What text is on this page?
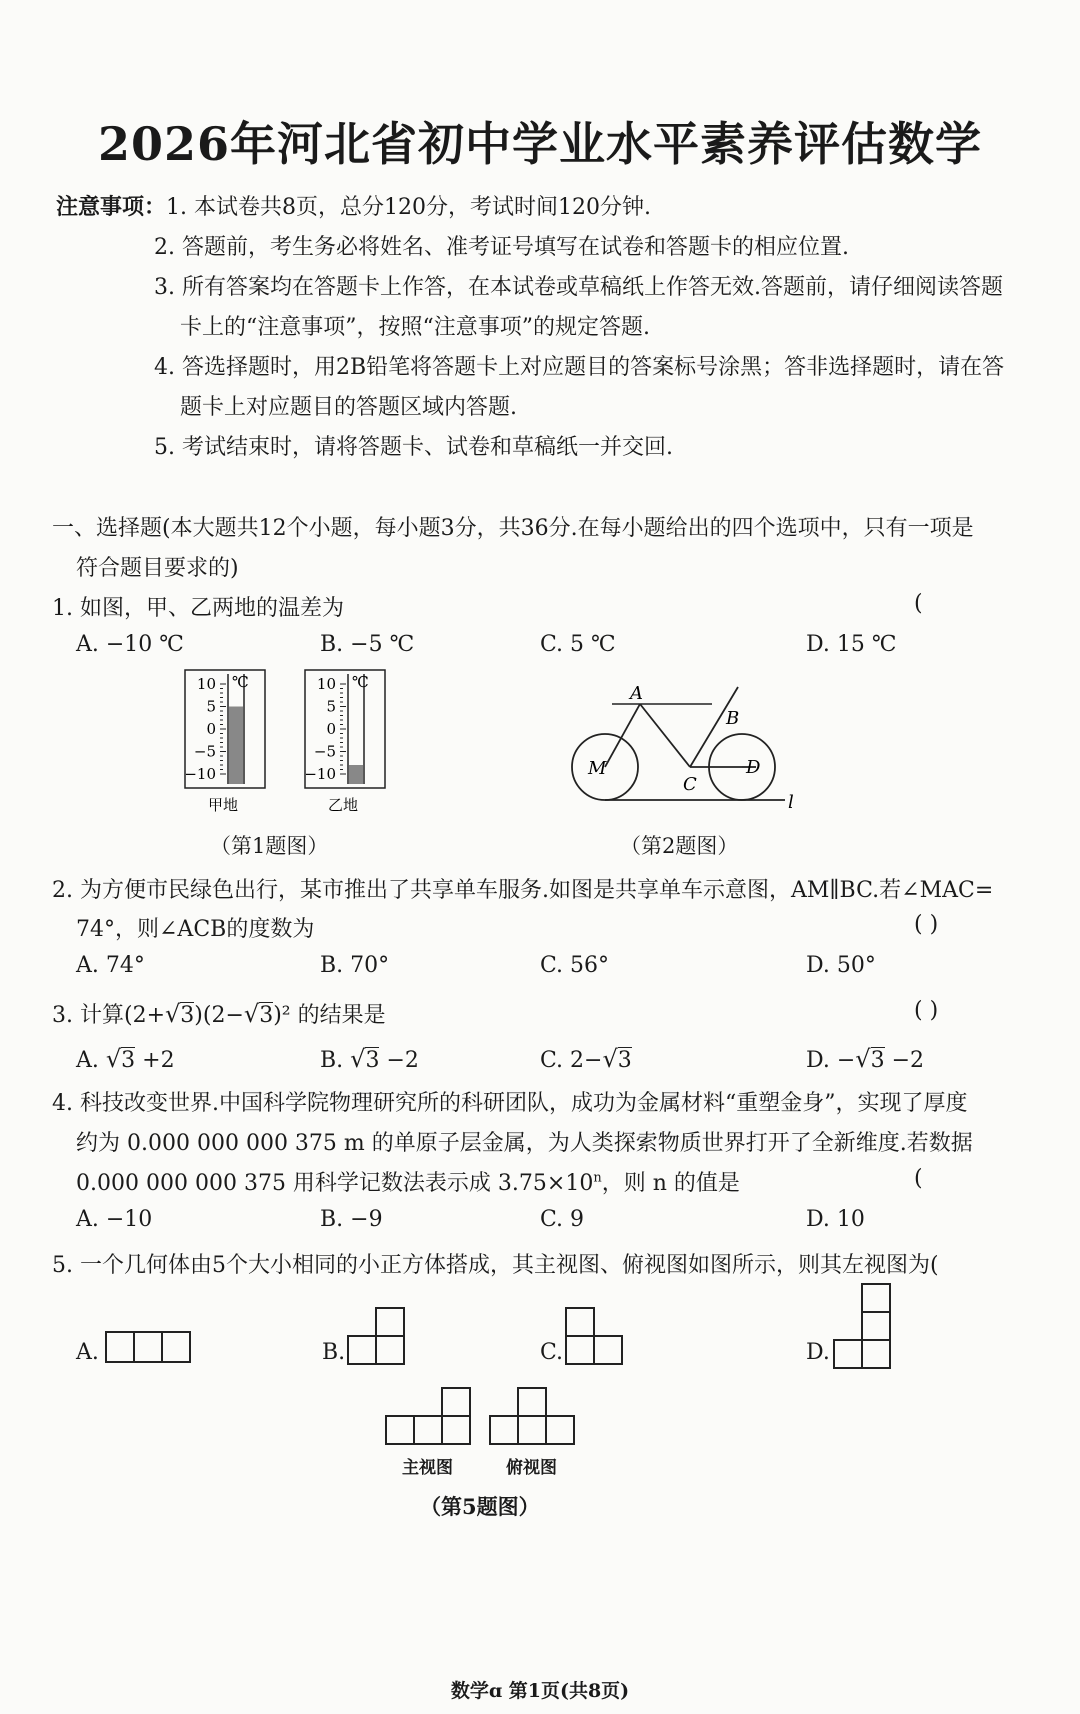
2026年河北省初中学业水平素养评估数学
注意事项：1. 本试卷共8页，总分120分，考试时间120分钟.
2. 答题前，考生务必将姓名、准考证号填写在试卷和答题卡的相应位置.
3. 所有答案均在答题卡上作答，在本试卷或草稿纸上作答无效.答题前，请仔细阅读答题
卡上的“注意事项”，按照“注意事项”的规定答题.
4. 答选择题时，用2B铅笔将答题卡上对应题目的答案标号涂黑；答非选择题时，请在答
题卡上对应题目的答题区域内答题.
5. 考试结束时，请将答题卡、试卷和草稿纸一并交回.
一、选择题(本大题共12个小题，每小题3分，共36分.在每小题给出的四个选项中，只有一项是
符合题目要求的)
1. 如图，甲、乙两地的温差为	(
A. −10 ℃	B. −5 ℃	C. 5 ℃	D. 15 ℃
℃
10
5
0
−5
−10
甲地
℃
10
5
0
−5
−10
乙地
（第1题图）
A
B
C
D
M
l
（第2题图）
2. 为方便市民绿色出行，某市推出了共享单车服务.如图是共享单车示意图，AM∥BC.若∠MAC=
74°，则∠ACB的度数为	( )
A. 74°	B. 70°	C. 56°	D. 50°
3. 计算(2+√3)(2−√3)² 的结果是	( )
A. √3 +2	B. √3 −2	C. 2−√3	D. −√3 −2
4. 科技改变世界.中国科学院物理研究所的科研团队，成功为金属材料“重塑金身”，实现了厚度
约为 0.000 000 000 375 m 的单原子层金属，为人类探索物质世界打开了全新维度.若数据
0.000 000 000 375 用科学记数法表示成 $3.75\times 10^n$，则 n 的值是	(
A. −10	B. −9	C. 9	D. 10
5. 一个几何体由5个大小相同的小正方体搭成，其主视图、俯视图如图所示，则其左视图为(
A.	B.	C.	D.
主视图	俯视图
（第5题图）
数学ɑ 第1页(共8页)
